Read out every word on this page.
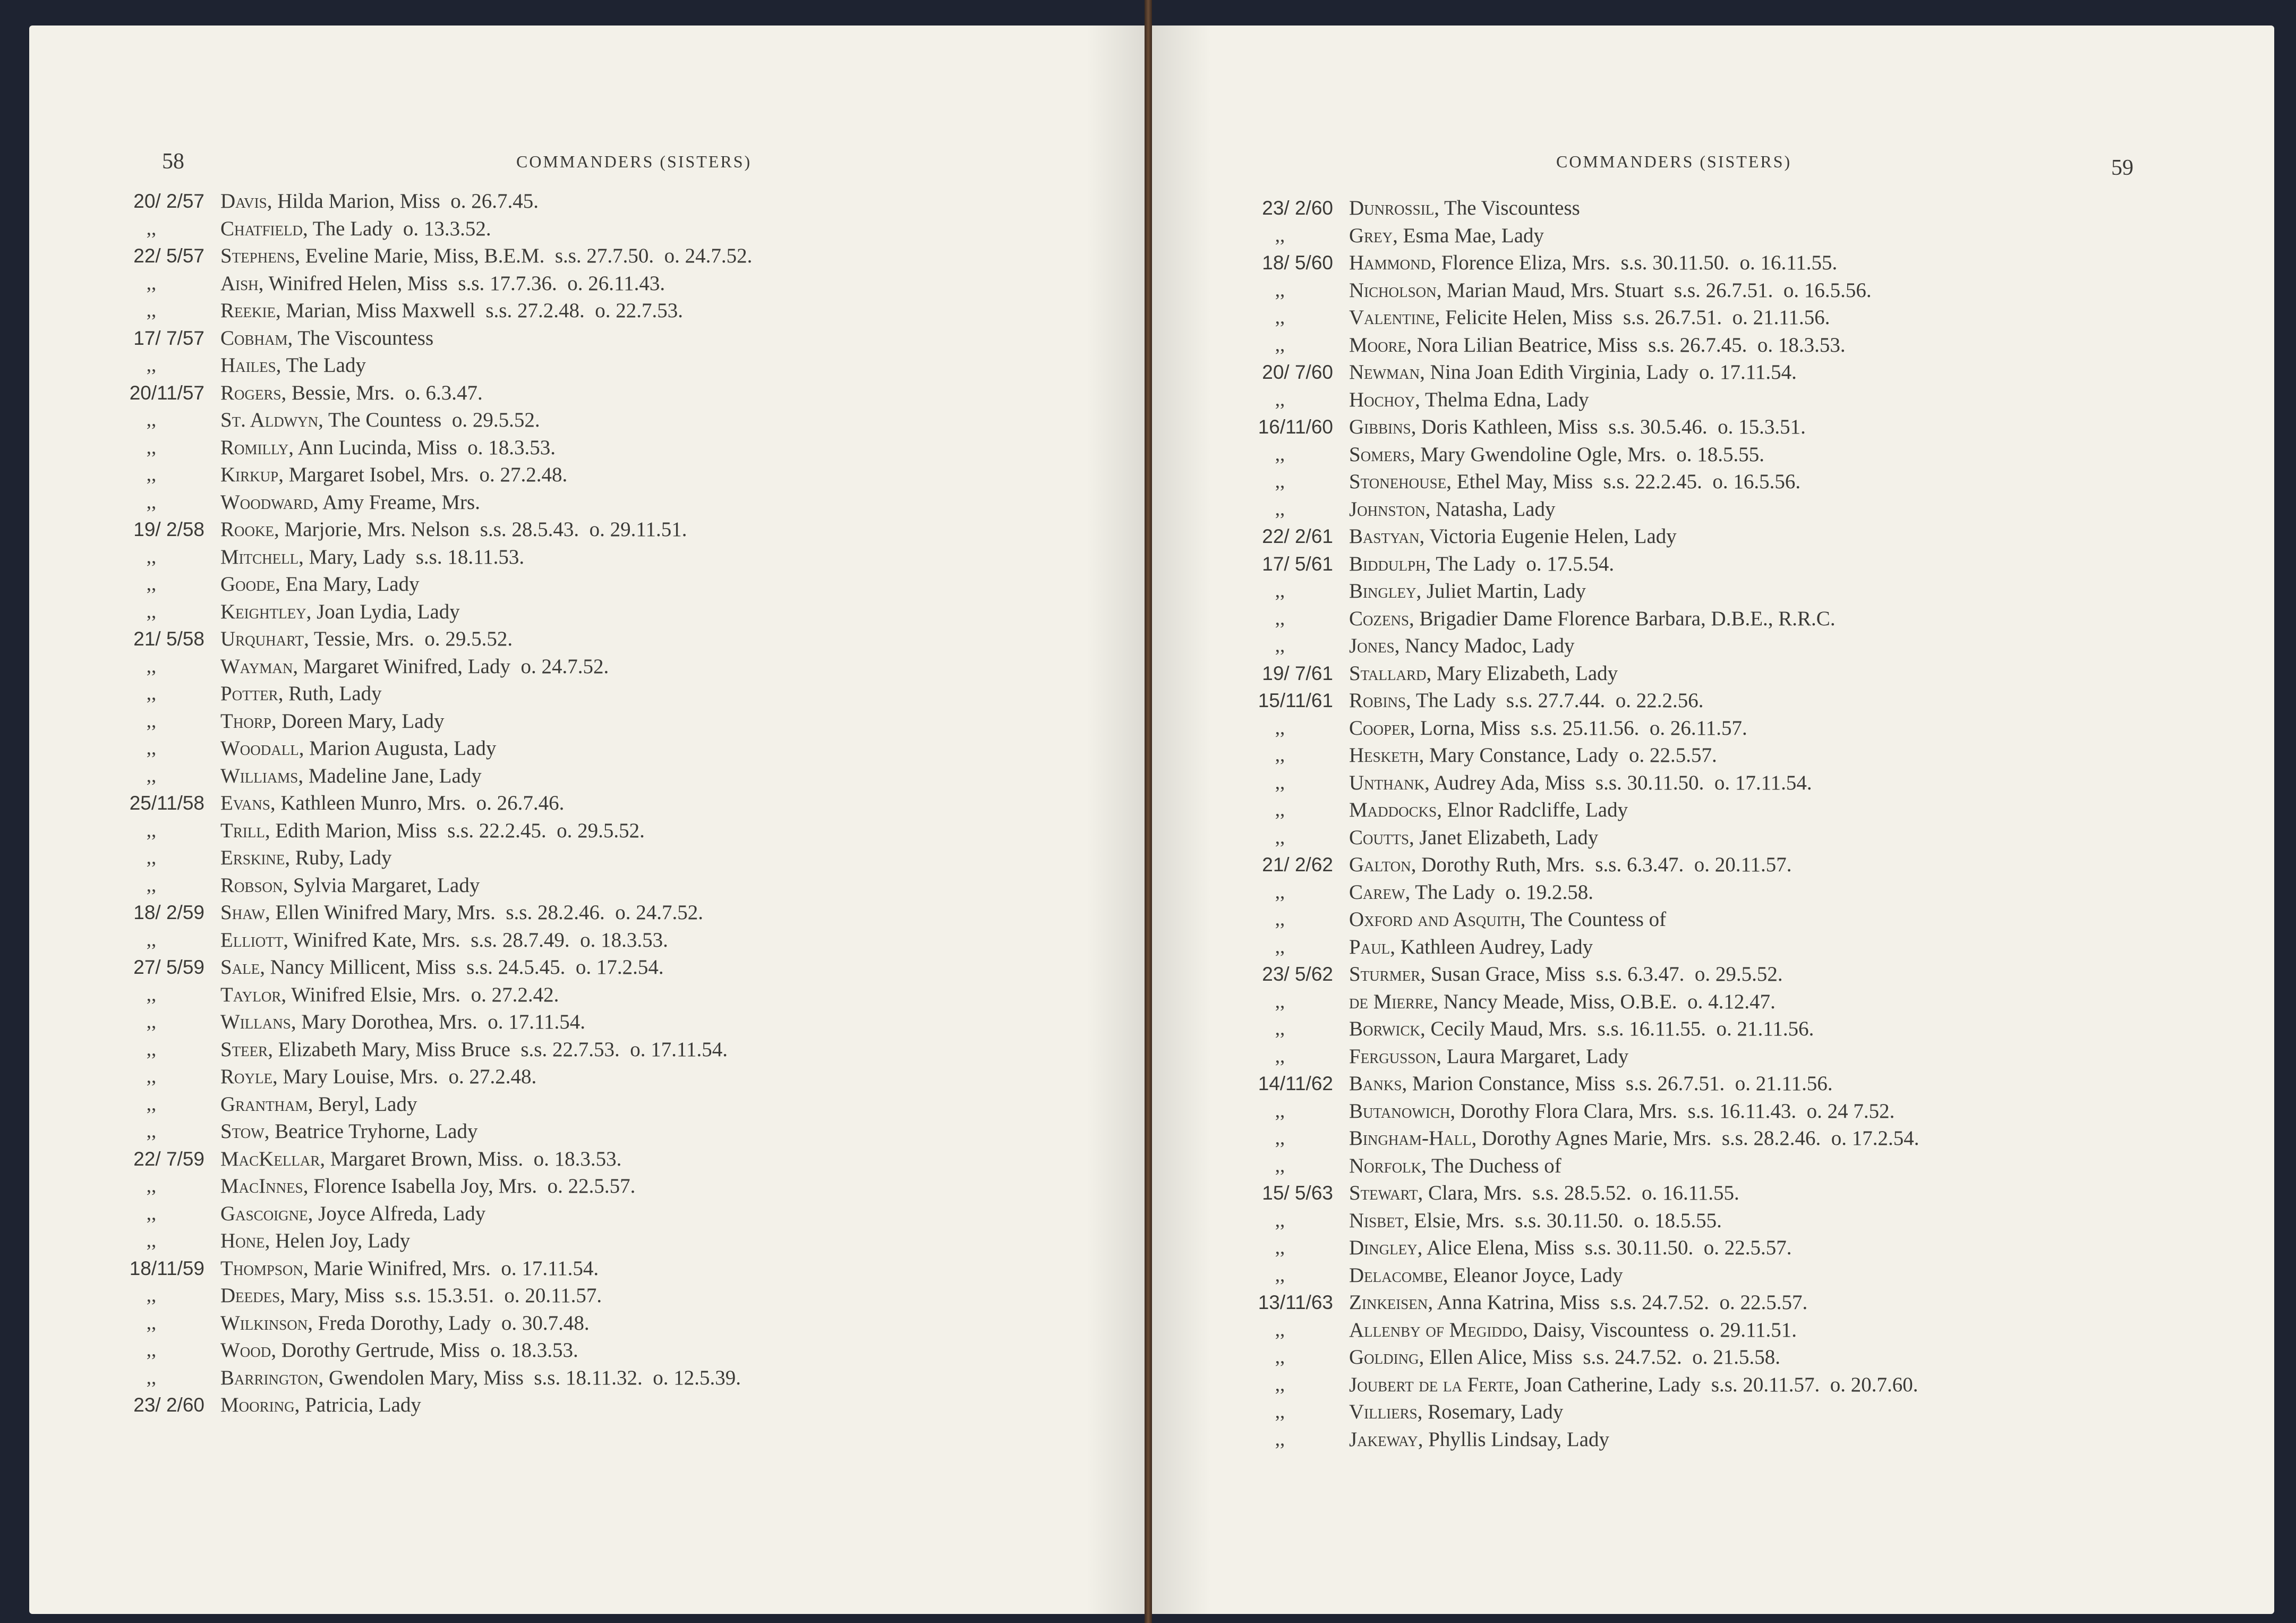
58	COMMANDERS (SISTERS)
20/ 2/57 Davis, Hilda Marion, Miss  o. 26.7.45.
,,	Chatfield, The Lady  o. 13.3.52.
22/ 5/57 Stephens, Eveline Marie, Miss, B.E.M.  s.s. 27.7.50.  o. 24.7.52.
,,	Aish, Winifred Helen, Miss  s.s. 17.7.36.  o. 26.11.43.
,,	Reekie, Marian, Miss Maxwell  s.s. 27.2.48.  o. 22.7.53.
17/ 7/57 Cobham, The Viscountess
,,	Hailes, The Lady
20/11/57 Rogers, Bessie, Mrs.  o. 6.3.47.
,,	St. Aldwyn, The Countess  o. 29.5.52.
,,	Romilly, Ann Lucinda, Miss  o. 18.3.53.
,,	Kirkup, Margaret Isobel, Mrs.  o. 27.2.48.
,,	Woodward, Amy Freame, Mrs.
19/ 2/58 Rooke, Marjorie, Mrs. Nelson  s.s. 28.5.43.  o. 29.11.51.
,,	Mitchell, Mary, Lady  s.s. 18.11.53.
,,	Goode, Ena Mary, Lady
,,	Keightley, Joan Lydia, Lady
21/ 5/58 Urquhart, Tessie, Mrs.  o. 29.5.52.
,,	Wayman, Margaret Winifred, Lady  o. 24.7.52.
,,	Potter, Ruth, Lady
,,	Thorp, Doreen Mary, Lady
,,	Woodall, Marion Augusta, Lady
,,	Williams, Madeline Jane, Lady
25/11/58 Evans, Kathleen Munro, Mrs.  o. 26.7.46.
,,	Trill, Edith Marion, Miss  s.s. 22.2.45.  o. 29.5.52.
,,	Erskine, Ruby, Lady
,,	Robson, Sylvia Margaret, Lady
18/ 2/59 Shaw, Ellen Winifred Mary, Mrs.  s.s. 28.2.46.  o. 24.7.52.
,,	Elliott, Winifred Kate, Mrs.  s.s. 28.7.49.  o. 18.3.53.
27/ 5/59 Sale, Nancy Millicent, Miss  s.s. 24.5.45.  o. 17.2.54.
,,	Taylor, Winifred Elsie, Mrs.  o. 27.2.42.
,,	Willans, Mary Dorothea, Mrs.  o. 17.11.54.
,,	Steer, Elizabeth Mary, Miss Bruce  s.s. 22.7.53.  o. 17.11.54.
,,	Royle, Mary Louise, Mrs.  o. 27.2.48.
,,	Grantham, Beryl, Lady
,,	Stow, Beatrice Tryhorne, Lady
22/ 7/59 MacKellar, Margaret Brown, Miss.  o. 18.3.53.
,,	MacInnes, Florence Isabella Joy, Mrs.  o. 22.5.57.
,,	Gascoigne, Joyce Alfreda, Lady
,,	Hone, Helen Joy, Lady
18/11/59 Thompson, Marie Winifred, Mrs.  o. 17.11.54.
,,	Deedes, Mary, Miss  s.s. 15.3.51.  o. 20.11.57.
,,	Wilkinson, Freda Dorothy, Lady  o. 30.7.48.
,,	Wood, Dorothy Gertrude, Miss  o. 18.3.53.
,,	Barrington, Gwendolen Mary, Miss  s.s. 18.11.32.  o. 12.5.39.
23/ 2/60 Mooring, Patricia, Lady
COMMANDERS (SISTERS)	59
23/ 2/60 Dunrossil, The Viscountess
,,	Grey, Esma Mae, Lady
18/ 5/60 Hammond, Florence Eliza, Mrs.  s.s. 30.11.50.  o. 16.11.55.
,,	Nicholson, Marian Maud, Mrs. Stuart  s.s. 26.7.51.  o. 16.5.56.
,,	Valentine, Felicite Helen, Miss  s.s. 26.7.51.  o. 21.11.56.
,,	Moore, Nora Lilian Beatrice, Miss  s.s. 26.7.45.  o. 18.3.53.
20/ 7/60 Newman, Nina Joan Edith Virginia, Lady  o. 17.11.54.
,,	Hochoy, Thelma Edna, Lady
16/11/60 Gibbins, Doris Kathleen, Miss  s.s. 30.5.46.  o. 15.3.51.
,,	Somers, Mary Gwendoline Ogle, Mrs.  o. 18.5.55.
,,	Stonehouse, Ethel May, Miss  s.s. 22.2.45.  o. 16.5.56.
,,	Johnston, Natasha, Lady
22/ 2/61 Bastyan, Victoria Eugenie Helen, Lady
17/ 5/61 Biddulph, The Lady  o. 17.5.54.
,,	Bingley, Juliet Martin, Lady
,,	Cozens, Brigadier Dame Florence Barbara, D.B.E., R.R.C.
,,	Jones, Nancy Madoc, Lady
19/ 7/61 Stallard, Mary Elizabeth, Lady
15/11/61 Robins, The Lady  s.s. 27.7.44.  o. 22.2.56.
,,	Cooper, Lorna, Miss  s.s. 25.11.56.  o. 26.11.57.
,,	Hesketh, Mary Constance, Lady  o. 22.5.57.
,,	Unthank, Audrey Ada, Miss  s.s. 30.11.50.  o. 17.11.54.
,,	Maddocks, Elnor Radcliffe, Lady
,,	Coutts, Janet Elizabeth, Lady
21/ 2/62 Galton, Dorothy Ruth, Mrs.  s.s. 6.3.47.  o. 20.11.57.
,,	Carew, The Lady  o. 19.2.58.
,,	Oxford and Asquith, The Countess of
,,	Paul, Kathleen Audrey, Lady
23/ 5/62 Sturmer, Susan Grace, Miss  s.s. 6.3.47.  o. 29.5.52.
,,	de Mierre, Nancy Meade, Miss, O.B.E.  o. 4.12.47.
,,	Borwick, Cecily Maud, Mrs.  s.s. 16.11.55.  o. 21.11.56.
,,	Fergusson, Laura Margaret, Lady
14/11/62 Banks, Marion Constance, Miss  s.s. 26.7.51.  o. 21.11.56.
,,	Butanowich, Dorothy Flora Clara, Mrs.  s.s. 16.11.43.  o. 24 7.52.
,,	Bingham-Hall, Dorothy Agnes Marie, Mrs.  s.s. 28.2.46.  o. 17.2.54.
,,	Norfolk, The Duchess of
15/ 5/63 Stewart, Clara, Mrs.  s.s. 28.5.52.  o. 16.11.55.
,,	Nisbet, Elsie, Mrs.  s.s. 30.11.50.  o. 18.5.55.
,,	Dingley, Alice Elena, Miss  s.s. 30.11.50.  o. 22.5.57.
,,	Delacombe, Eleanor Joyce, Lady
13/11/63 Zinkeisen, Anna Katrina, Miss  s.s. 24.7.52.  o. 22.5.57.
,,	Allenby of Megiddo, Daisy, Viscountess  o. 29.11.51.
,,	Golding, Ellen Alice, Miss  s.s. 24.7.52.  o. 21.5.58.
,,	Joubert de la Ferte, Joan Catherine, Lady  s.s. 20.11.57.  o. 20.7.60.
,,	Villiers, Rosemary, Lady
,,	Jakeway, Phyllis Lindsay, Lady
